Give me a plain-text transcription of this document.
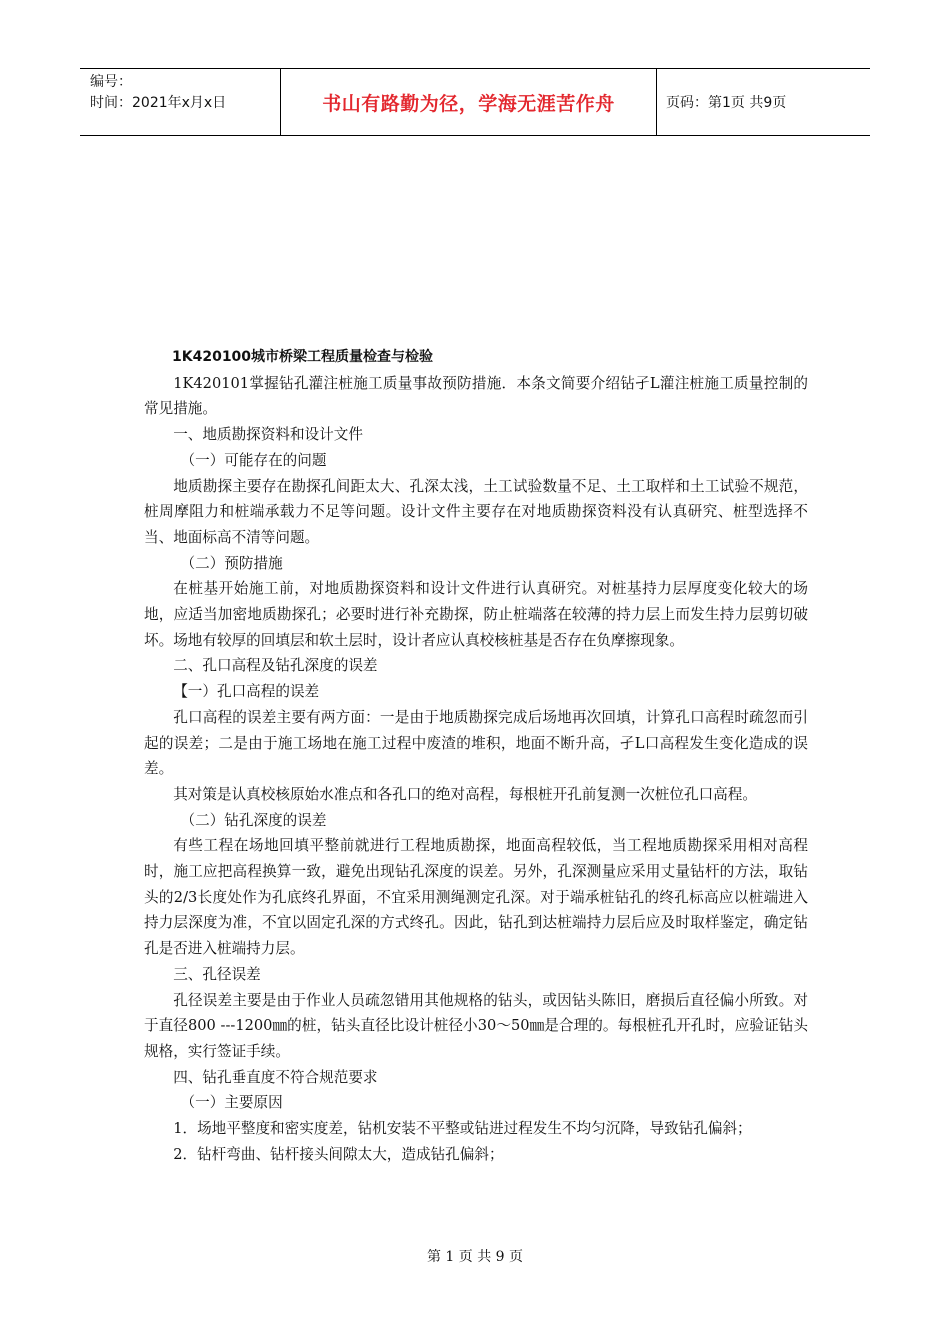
编号：
时间：2021年x月x日	书山有路勤为径，学海无涯苦作舟	页码：第1页 共9页

1K420100城市桥梁工程质量检查与检验

1K420101掌握钻孔灌注桩施工质量事故预防措施．本条文简要介绍钻孑L灌注桩施工质量控制的常见措施。

一、地质勘探资料和设计文件

（一）可能存在的问题

地质勘探主要存在勘探孔间距太大、孔深太浅，土工试验数量不足、土工取样和土工试验不规范，桩周摩阻力和桩端承载力不足等问题。设计文件主要存在对地质勘探资料没有认真研究、桩型选择不当、地面标高不清等问题。

（二）预防措施

在桩基开始施工前，对地质勘探资料和设计文件进行认真研究。对桩基持力层厚度变化较大的场地，应适当加密地质勘探孔；必要时进行补充勘探，防止桩端落在较薄的持力层上而发生持力层剪切破坏。场地有较厚的回填层和软土层时，设计者应认真校核桩基是否存在负摩擦现象。

二、孔口高程及钻孔深度的误差

【一）孔口高程的误差

孔口高程的误差主要有两方面：一是由于地质勘探完成后场地再次回填，计算孔口高程时疏忽而引起的误差；二是由于施工场地在施工过程中废渣的堆积，地面不断升高，孑L口高程发生变化造成的误差。

其对策是认真校核原始水准点和各孔口的绝对高程，每根桩开孔前复测一次桩位孔口高程。

（二）钻孔深度的误差

有些工程在场地回填平整前就进行工程地质勘探，地面高程较低，当工程地质勘探采用相对高程时，施工应把高程换算一致，避免出现钻孔深度的误差。另外，孔深测量应采用丈量钻杆的方法，取钻头的2/3长度处作为孔底终孔界面，不宜采用测绳测定孔深。对于端承桩钻孔的终孔标高应以桩端进入持力层深度为准，不宜以固定孔深的方式终孔。因此，钻孔到达桩端持力层后应及时取样鉴定，确定钻孔是否进入桩端持力层。

三、孔径误差

孔径误差主要是由于作业人员疏忽错用其他规格的钻头，或因钻头陈旧，磨损后直径偏小所致。对于直径800 ---1200㎜的桩，钻头直径比设计桩径小30～50㎜是合理的。每根桩孔开孔时，应验证钻头规格，实行签证手续。

四、钻孔垂直度不符合规范要求

（一）主要原因

1．场地平整度和密实度差，钻机安装不平整或钻进过程发生不均匀沉降，导致钻孔偏斜；

2．钻杆弯曲、钻杆接头间隙太大，造成钻孔偏斜；

第 1 页 共 9 页
